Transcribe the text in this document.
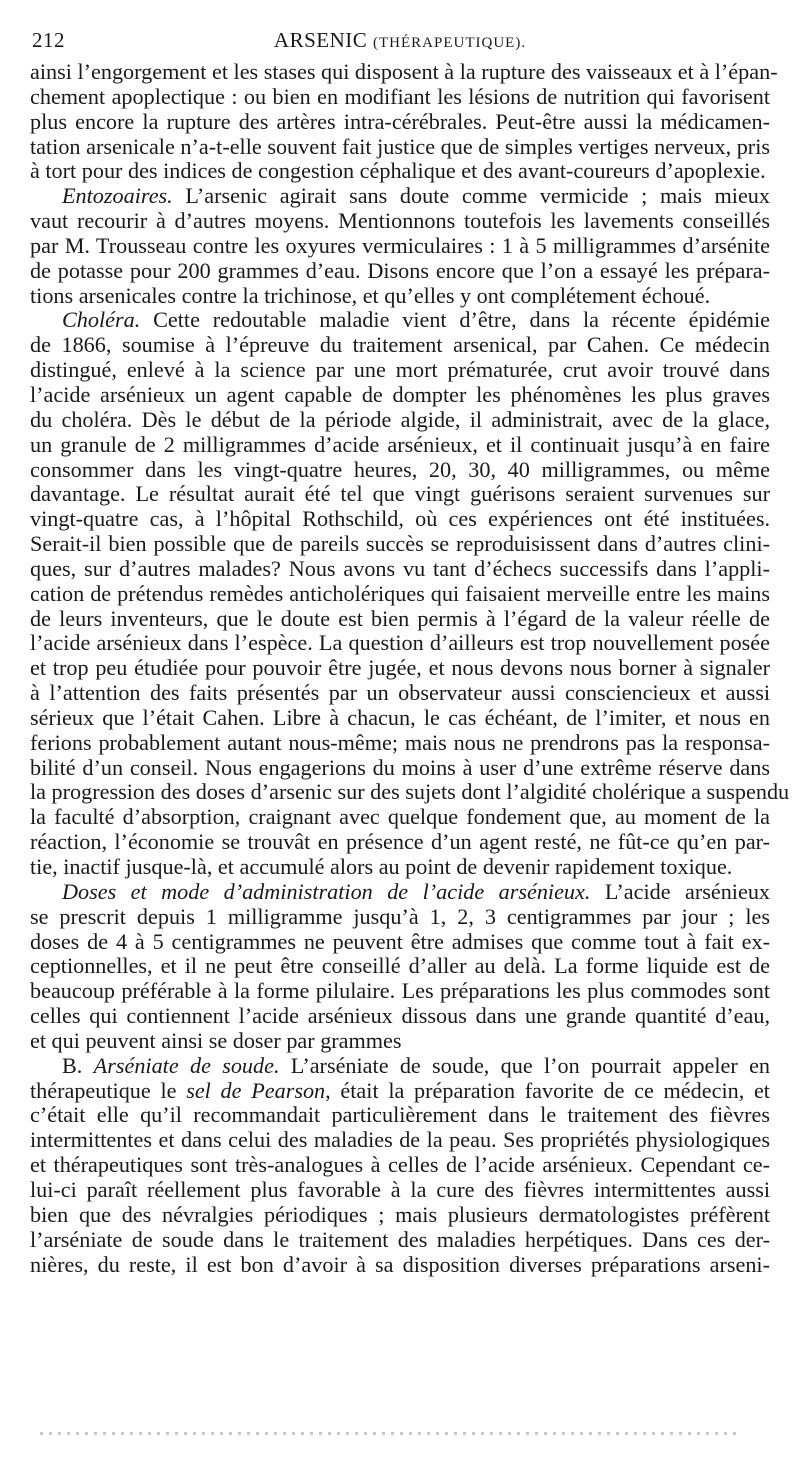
212	ARSENIC (THÉRAPEUTIQUE).

ainsi l’engorgement et les stases qui disposent à la rupture des vaisseaux et à l’épan-
chement apoplectique : ou bien en modifiant les lésions de nutrition qui favorisent
plus encore la rupture des artères intra-cérébrales. Peut-être aussi la médicamen-
tation arsenicale n’a-t-elle souvent fait justice que de simples vertiges nerveux, pris
à tort pour des indices de congestion céphalique et des avant-coureurs d’apoplexie.

Entozoaires. L’arsenic agirait sans doute comme vermicide ; mais mieux
vaut recourir à d’autres moyens. Mentionnons toutefois les lavements conseillés
par M. Trousseau contre les oxyures vermiculaires : 1 à 5 milligrammes d’arsénite
de potasse pour 200 grammes d’eau. Disons encore que l’on a essayé les prépara-
tions arsenicales contre la trichinose, et qu’elles y ont complétement échoué.

Choléra. Cette redoutable maladie vient d’être, dans la récente épidémie
de 1866, soumise à l’épreuve du traitement arsenical, par Cahen. Ce médecin
distingué, enlevé à la science par une mort prématurée, crut avoir trouvé dans
l’acide arsénieux un agent capable de dompter les phénomènes les plus graves
du choléra. Dès le début de la période algide, il administrait, avec de la glace,
un granule de 2 milligrammes d’acide arsénieux, et il continuait jusqu’à en faire
consommer dans les vingt-quatre heures, 20, 30, 40 milligrammes, ou même
davantage. Le résultat aurait été tel que vingt guérisons seraient survenues sur
vingt-quatre cas, à l’hôpital Rothschild, où ces expériences ont été instituées.
Serait-il bien possible que de pareils succès se reproduisissent dans d’autres clini-
ques, sur d’autres malades? Nous avons vu tant d’échecs successifs dans l’appli-
cation de prétendus remèdes anticholériques qui faisaient merveille entre les mains
de leurs inventeurs, que le doute est bien permis à l’égard de la valeur réelle de
l’acide arsénieux dans l’espèce. La question d’ailleurs est trop nouvellement posée
et trop peu étudiée pour pouvoir être jugée, et nous devons nous borner à signaler
à l’attention des faits présentés par un observateur aussi consciencieux et aussi
sérieux que l’était Cahen. Libre à chacun, le cas échéant, de l’imiter, et nous en
ferions probablement autant nous-même; mais nous ne prendrons pas la responsa-
bilité d’un conseil. Nous engagerions du moins à user d’une extrême réserve dans
la progression des doses d’arsenic sur des sujets dont l’algidité cholérique a suspendu
la faculté d’absorption, craignant avec quelque fondement que, au moment de la
réaction, l’économie se trouvât en présence d’un agent resté, ne fût-ce qu’en par-
tie, inactif jusque-là, et accumulé alors au point de devenir rapidement toxique.

Doses et mode d’administration de l’acide arsénieux. L’acide arsénieux
se prescrit depuis 1 milligramme jusqu’à 1, 2, 3 centigrammes par jour ; les
doses de 4 à 5 centigrammes ne peuvent être admises que comme tout à fait ex-
ceptionnelles, et il ne peut être conseillé d’aller au delà. La forme liquide est de
beaucoup préférable à la forme pilulaire. Les préparations les plus commodes sont
celles qui contiennent l’acide arsénieux dissous dans une grande quantité d’eau,
et qui peuvent ainsi se doser par grammes

B. Arséniate de soude. L’arséniate de soude, que l’on pourrait appeler en
thérapeutique le sel de Pearson, était la préparation favorite de ce médecin, et
c’était elle qu’il recommandait particulièrement dans le traitement des fièvres
intermittentes et dans celui des maladies de la peau. Ses propriétés physiologiques
et thérapeutiques sont très-analogues à celles de l’acide arsénieux. Cependant ce-
lui-ci paraît réellement plus favorable à la cure des fièvres intermittentes aussi
bien que des névralgies périodiques ; mais plusieurs dermatologistes préfèrent
l’arséniate de soude dans le traitement des maladies herpétiques. Dans ces der-
nières, du reste, il est bon d’avoir à sa disposition diverses préparations arseni-
